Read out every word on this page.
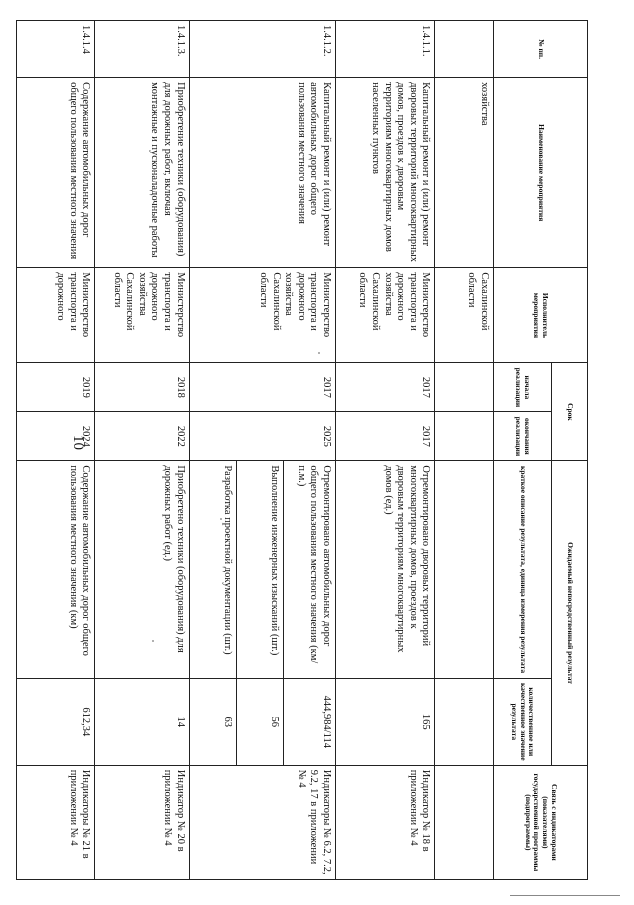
10
№ пп.	Наименование мероприятия	Исполнитель мероприятия	Срок		Ожидаемый непосредственный результат		Связь с индикаторами (показателями) государственной программы (подпрограммы)
			начала реализации	окончания реализации	краткое описание результата, единица измерения результата	количественное или качественное значение результата	
	хозяйства	Сахалинской области					
1.4.1.1.	Капитальный ремонт и (или) ремонт дворовых территорий многоквартирных домов, проездов к дворовым территориям многоквартирных домов населенных пунктов	Министерство транспорта и дорожного хозяйства Сахалинской области	2017	2017	Отремонтировано дворовых территорий многоквартирных домов, проездов к дворовым территориям многоквартирных домов (ед.)	165	Индикатор № 18 в приложении № 4
1.4.1.2.	Капитальный ремонт и (или) ремонт автомобильных дорог общего пользования местного значения	Министерство транспорта и дорожного хозяйства Сахалинской области	2017	2025	Отремонтировано автомобильных дорог общего пользования местного значения (км/п.м.)	444,984/114	Индикаторы № 6.2, 7.2, 9.2, 17 в приложении № 4
					Выполнение инженерных изысканий (шт.)	56	
					Разработка проектной документации (шт.)	63	
1.4.1.3.	Приобретение техники (оборудования) для дорожных работ, включая монтажные и пусконаладочные работы	Министерство транспорта и дорожного хозяйства Сахалинской области	2018	2022	Приобретено техники (оборудования) для дорожных работ (ед.)	14	Индикатор № 20 в приложении № 4
1.4.1.4	Содержание автомобильных дорог общего пользования местного значения	Министерство транспорта и дорожного	2019	2024	Содержание автомобильных дорог общего пользования местного значения (км)	612,34	Индикаторы № 21 в приложении № 4
